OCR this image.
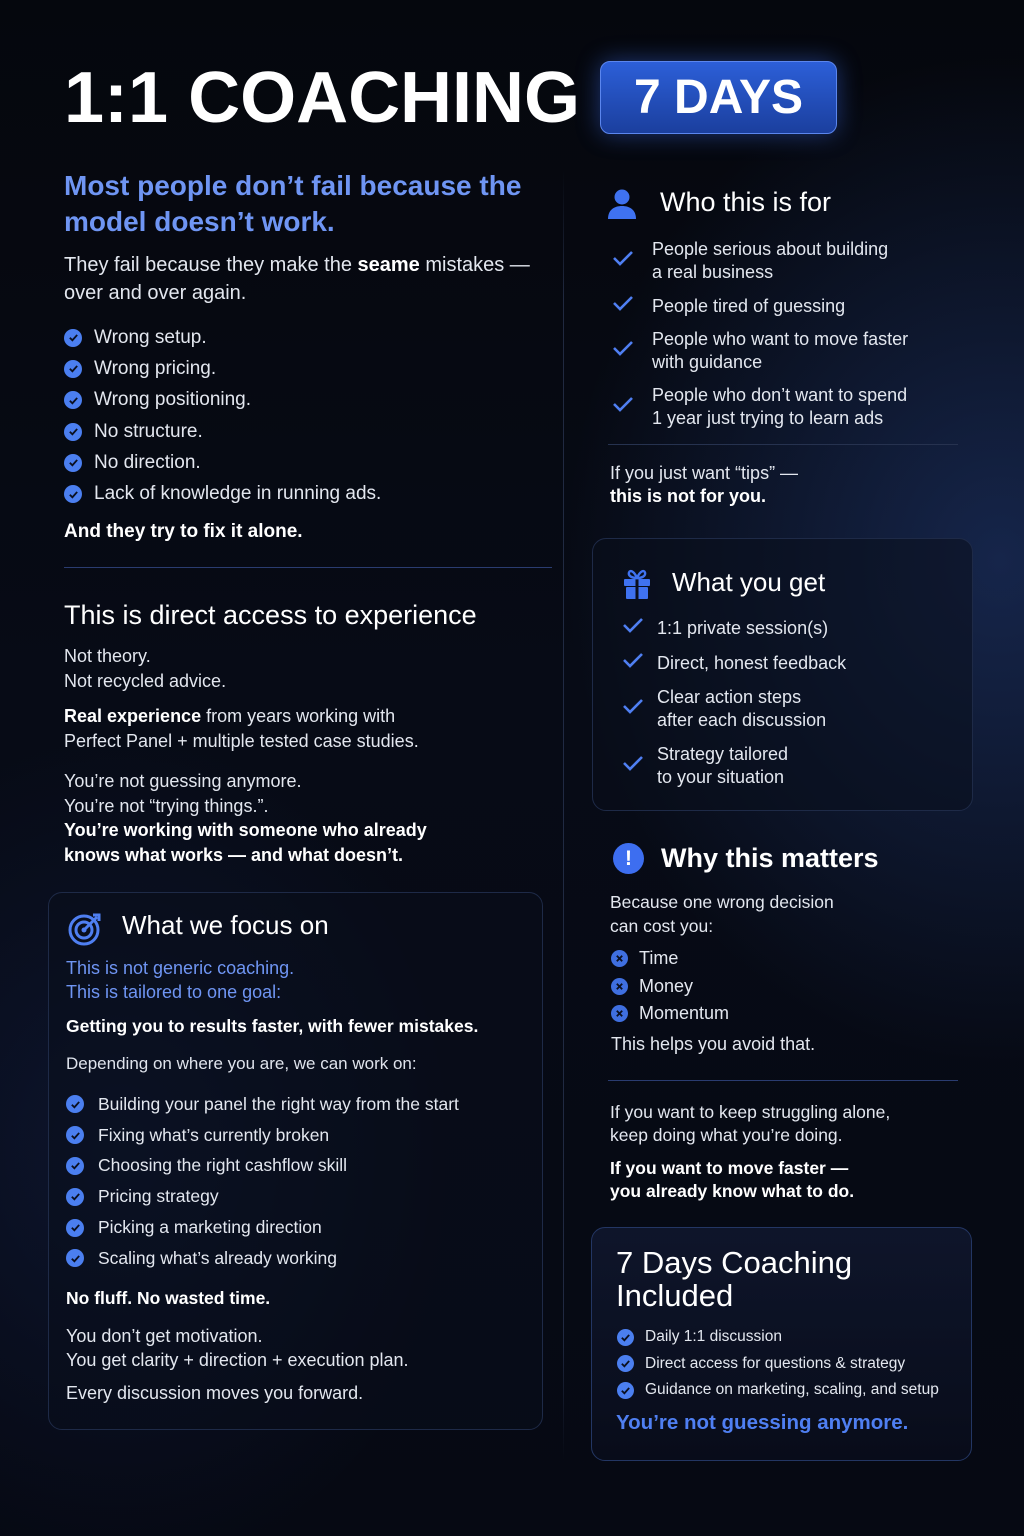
1:1 COACHING	7 DAYS
Most people don’t fail because the model doesn’t work.
They fail because they make the seame mistakes — over and over again.
Wrong setup.
Wrong pricing.
Wrong positioning.
No structure.
No direction.
Lack of knowledge in running ads.
And they try to fix it alone.
This is direct access to experience
Not theory.
Not recycled advice.
Real experience from years working with
Perfect Panel + multiple tested case studies.
You’re not guessing anymore.
You’re not “trying things.”.
You’re working with someone who already
knows what works — and what doesn’t.
What we focus on
This is not generic coaching.
This is tailored to one goal:
Getting you to results faster, with fewer mistakes.
Depending on where you are, we can work on:
Building your panel the right way from the start
Fixing what’s currently broken
Choosing the right cashflow skill
Pricing strategy
Picking a marketing direction
Scaling what’s already working
No fluff. No wasted time.
You don’t get motivation.
You get clarity + direction + execution plan.
Every discussion moves you forward.
Who this is for
People serious about building
a real business
People tired of guessing
People who want to move faster
with guidance
People who don’t want to spend
1 year just trying to learn ads
If you just want “tips” —
this is not for you.
What you get
1:1 private session(s)
Direct, honest feedback
Clear action steps
after each discussion
Strategy tailored
to your situation
!	Why this matters
Because one wrong decision
can cost you:
Time
Money
Momentum
This helps you avoid that.
If you want to keep struggling alone,
keep doing what you’re doing.
If you want to move faster —
you already know what to do.
7 Days Coaching
Included
Daily 1:1 discussion
Direct access for questions & strategy
Guidance on marketing, scaling, and setup
You’re not guessing anymore.
